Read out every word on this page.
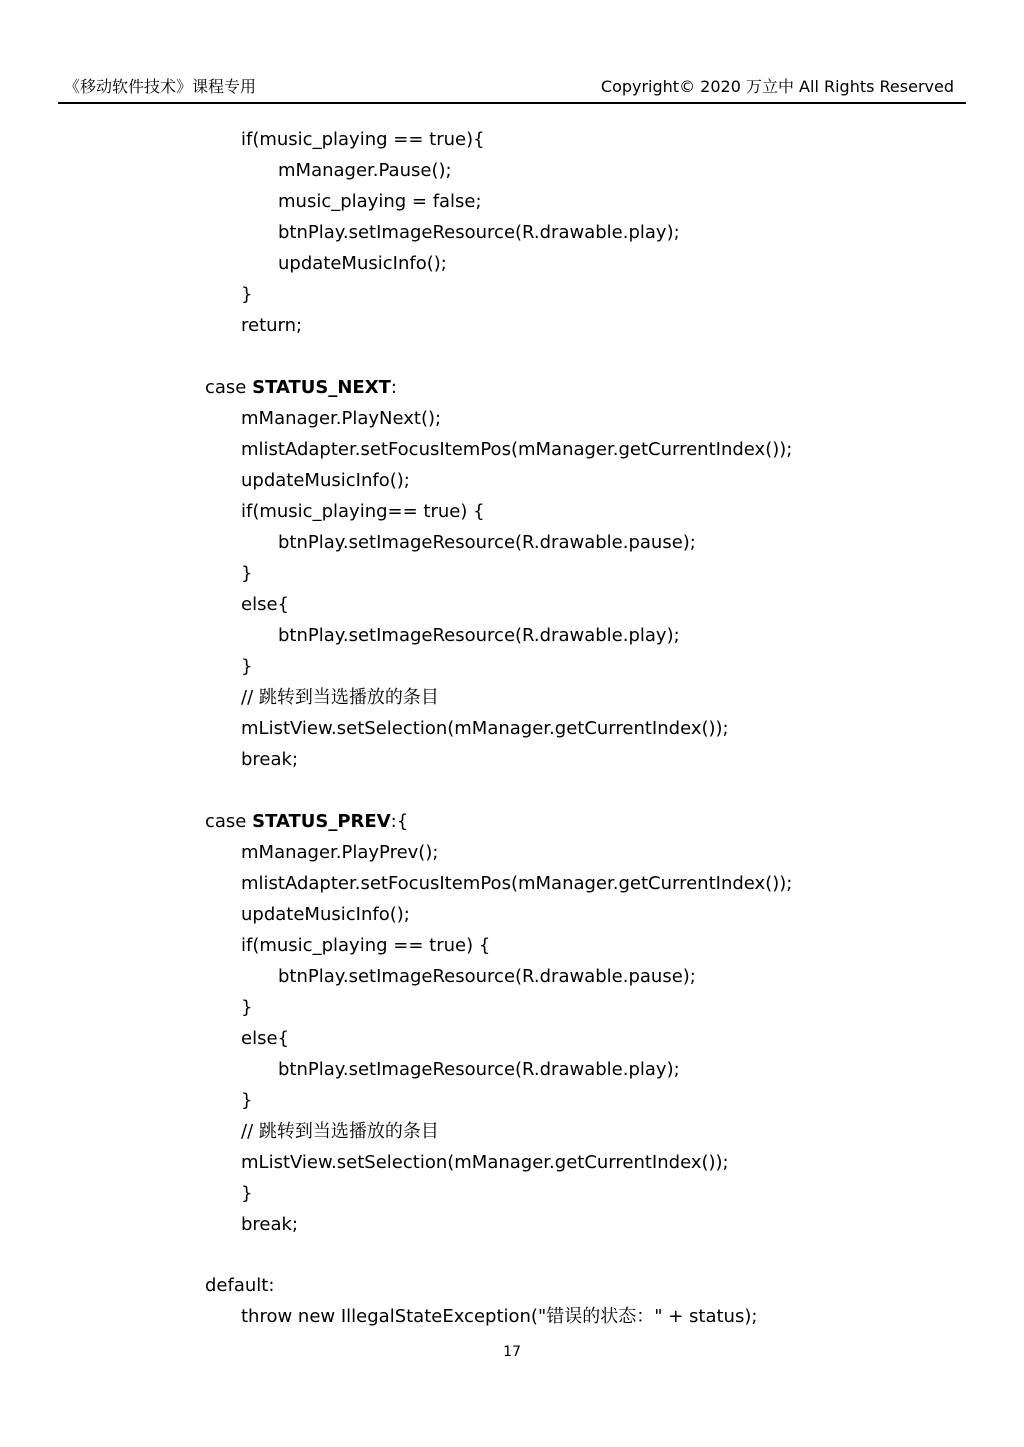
《移动软件技术》课程专用	Copyright© 2020 万立中 All Rights Reserved
if(music_playing == true){
mManager.Pause();
music_playing = false;
btnPlay.setImageResource(R.drawable.play);
updateMusicInfo();
}
return;
case STATUS_NEXT:
mManager.PlayNext();
mlistAdapter.setFocusItemPos(mManager.getCurrentIndex());
updateMusicInfo();
if(music_playing== true) {
btnPlay.setImageResource(R.drawable.pause);
}
else{
btnPlay.setImageResource(R.drawable.play);
}
// 跳转到当选播放的条目
mListView.setSelection(mManager.getCurrentIndex());
break;
case STATUS_PREV:{
mManager.PlayPrev();
mlistAdapter.setFocusItemPos(mManager.getCurrentIndex());
updateMusicInfo();
if(music_playing == true) {
btnPlay.setImageResource(R.drawable.pause);
}
else{
btnPlay.setImageResource(R.drawable.play);
}
// 跳转到当选播放的条目
mListView.setSelection(mManager.getCurrentIndex());
}
break;
default:
throw new IllegalStateException("错误的状态：" + status);
17
